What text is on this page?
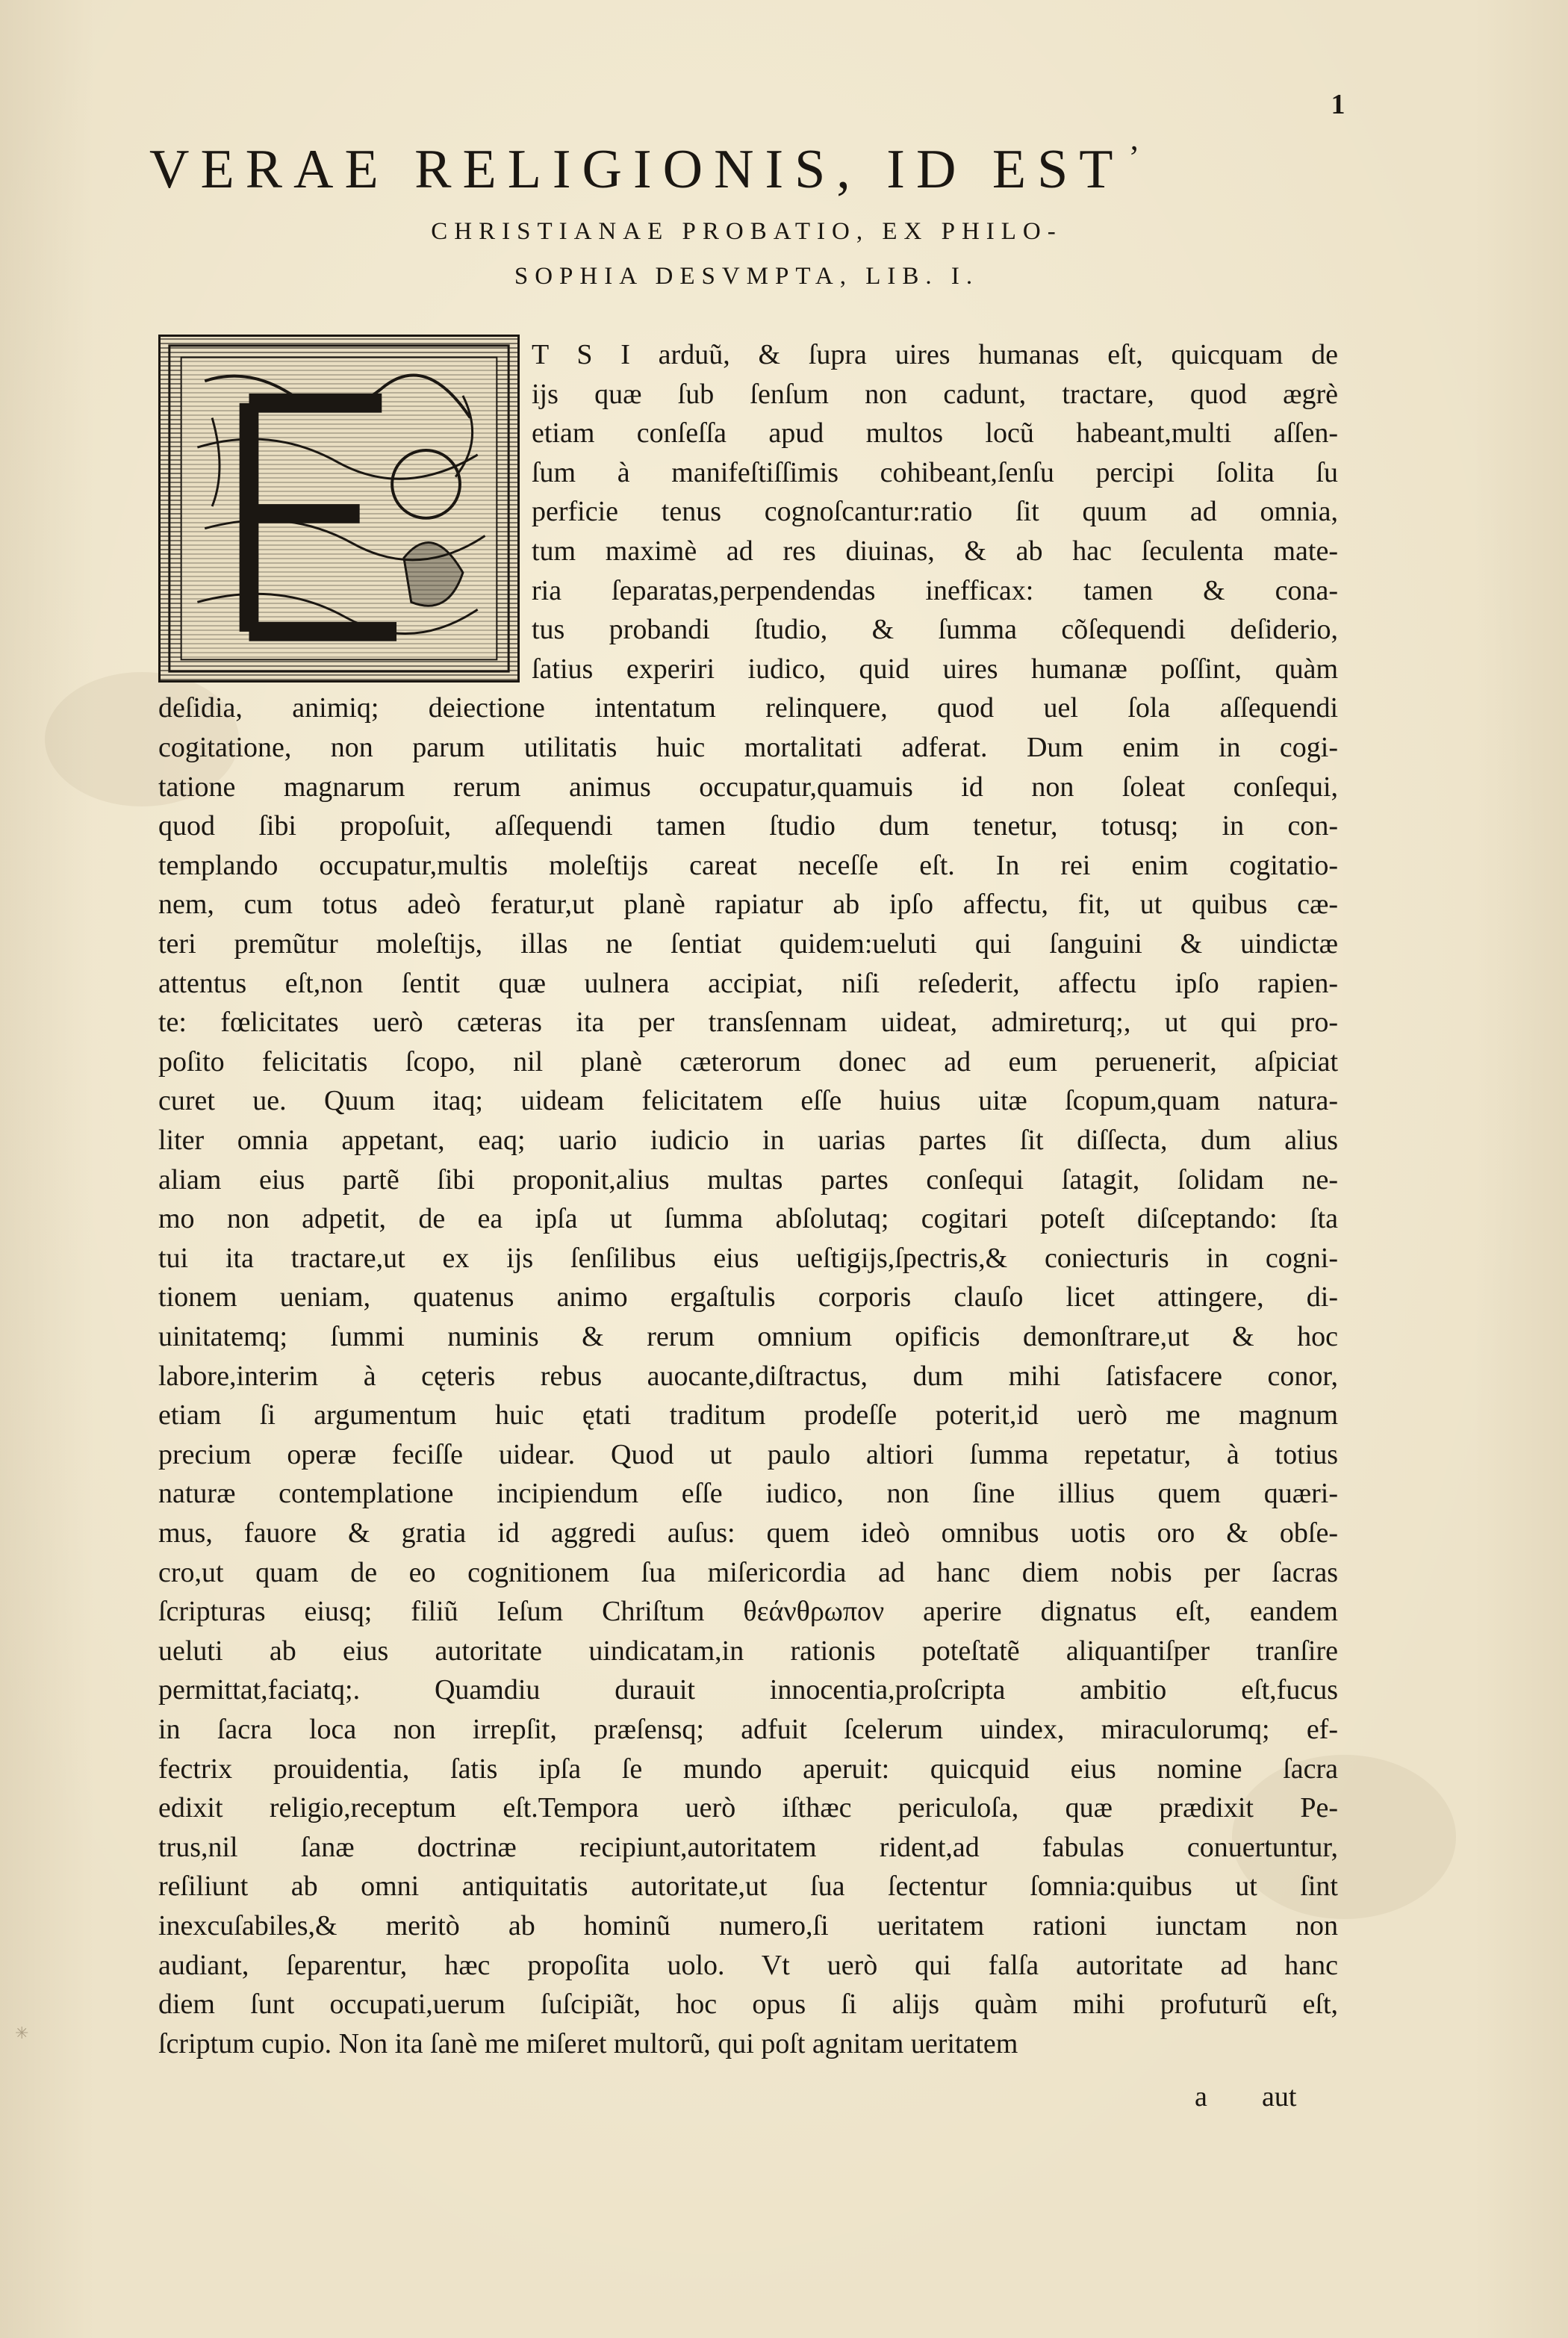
1
VERAE RELIGIONIS, ID EST ’
CHRISTIANAE PROBATIO, EX PHILO-
SOPHIA DESVMPTA, LIB. I.
T S I arduũ, & ſupra uires humanas eſt, quicquam de
ijs quæ ſub ſenſum non cadunt, tractare, quod ægrè
etiam conſeſſa apud multos locũ habeant,multi aſſen-
ſum à manifeſtiſſimis cohibeant,ſenſu percipi ſolita ſu
perficie tenus cognoſcantur:ratio ſit quum ad omnia,
tum maximè ad res diuinas, & ab hac ſeculenta mate-
ria ſeparatas,perpendendas inefficax: tamen & cona-
tus probandi ſtudio, & ſumma cõſequendi deſiderio,
ſatius experiri iudico, quid uires humanæ poſſint, quàm
deſidia, animiq; deiectione intentatum relinquere, quod uel ſola aſſequendi
cogitatione, non parum utilitatis huic mortalitati adferat. Dum enim in cogi-
tatione magnarum rerum animus occupatur,quamuis id non ſoleat conſequi,
quod ſibi propoſuit, aſſequendi tamen ſtudio dum tenetur, totusq; in con-
templando occupatur,multis moleſtijs careat neceſſe eſt. In rei enim cogitatio-
nem, cum totus adeò feratur,ut planè rapiatur ab ipſo affectu, fit, ut quibus cæ-
teri premũtur moleſtijs, illas ne ſentiat quidem:ueluti qui ſanguini & uindictæ
attentus eſt,non ſentit quæ uulnera accipiat, niſi reſederit, affectu ipſo rapien-
te: fœlicitates uerò cæteras ita per transſennam uideat, admireturq;, ut qui pro-
poſito felicitatis ſcopo, nil planè cæterorum donec ad eum peruenerit, aſpiciat
curet ue. Quum itaq; uideam felicitatem eſſe huius uitæ ſcopum,quam natura-
liter omnia appetant, eaq; uario iudicio in uarias partes ſit diſſecta, dum alius
aliam eius partẽ ſibi proponit,alius multas partes conſequi ſatagit, ſolidam ne-
mo non adpetit, de ea ipſa ut ſumma abſolutaq; cogitari poteſt diſceptando: ſta
tui ita tractare,ut ex ijs ſenſilibus eius ueſtigijs,ſpectris,& coniecturis in cogni-
tionem ueniam, quatenus animo ergaſtulis corporis clauſo licet attingere, di-
uinitatemq; ſummi numinis & rerum omnium opificis demonſtrare,ut & hoc
labore,interim à cęteris rebus auocante,diſtractus, dum mihi ſatisfacere conor,
etiam ſi argumentum huic ętati traditum prodeſſe poterit,id uerò me magnum
precium operæ feciſſe uidear. Quod ut paulo altiori ſumma repetatur, à totius
naturæ contemplatione incipiendum eſſe iudico, non ſine illius quem quæri-
mus, fauore & gratia id aggredi auſus: quem ideò omnibus uotis oro & obſe-
cro,ut quam de eo cognitionem ſua miſericordia ad hanc diem nobis per ſacras
ſcripturas eiusq; filiũ Ieſum Chriſtum θεάνθρωπον aperire dignatus eſt, eandem
ueluti ab eius autoritate uindicatam,in rationis poteſtatẽ aliquantiſper tranſire
permittat,faciatq;. Quamdiu durauit innocentia,proſcripta ambitio eſt,fucus
in ſacra loca non irrepſit, præſensq; adfuit ſcelerum uindex, miraculorumq; ef-
fectrix prouidentia, ſatis ipſa ſe mundo aperuit: quicquid eius nomine ſacra
edixit religio,receptum eſt.Tempora uerò iſthæc periculoſa, quæ prædixit Pe-
trus,nil ſanæ doctrinæ recipiunt,autoritatem rident,ad fabulas conuertuntur,
reſiliunt ab omni antiquitatis autoritate,ut ſua ſectentur ſomnia:quibus ut ſint
inexcuſabiles,& meritò ab hominũ numero,ſi ueritatem rationi iunctam non
audiant, ſeparentur, hæc propoſita uolo. Vt uerò qui falſa autoritate ad hanc
diem ſunt occupati,uerum ſuſcipiãt, hoc opus ſi alijs quàm mihi profuturũ eſt,
ſcriptum cupio. Non ita ſanè me miſeret multorũ, qui poſt agnitam ueritatem
a aut
✳
